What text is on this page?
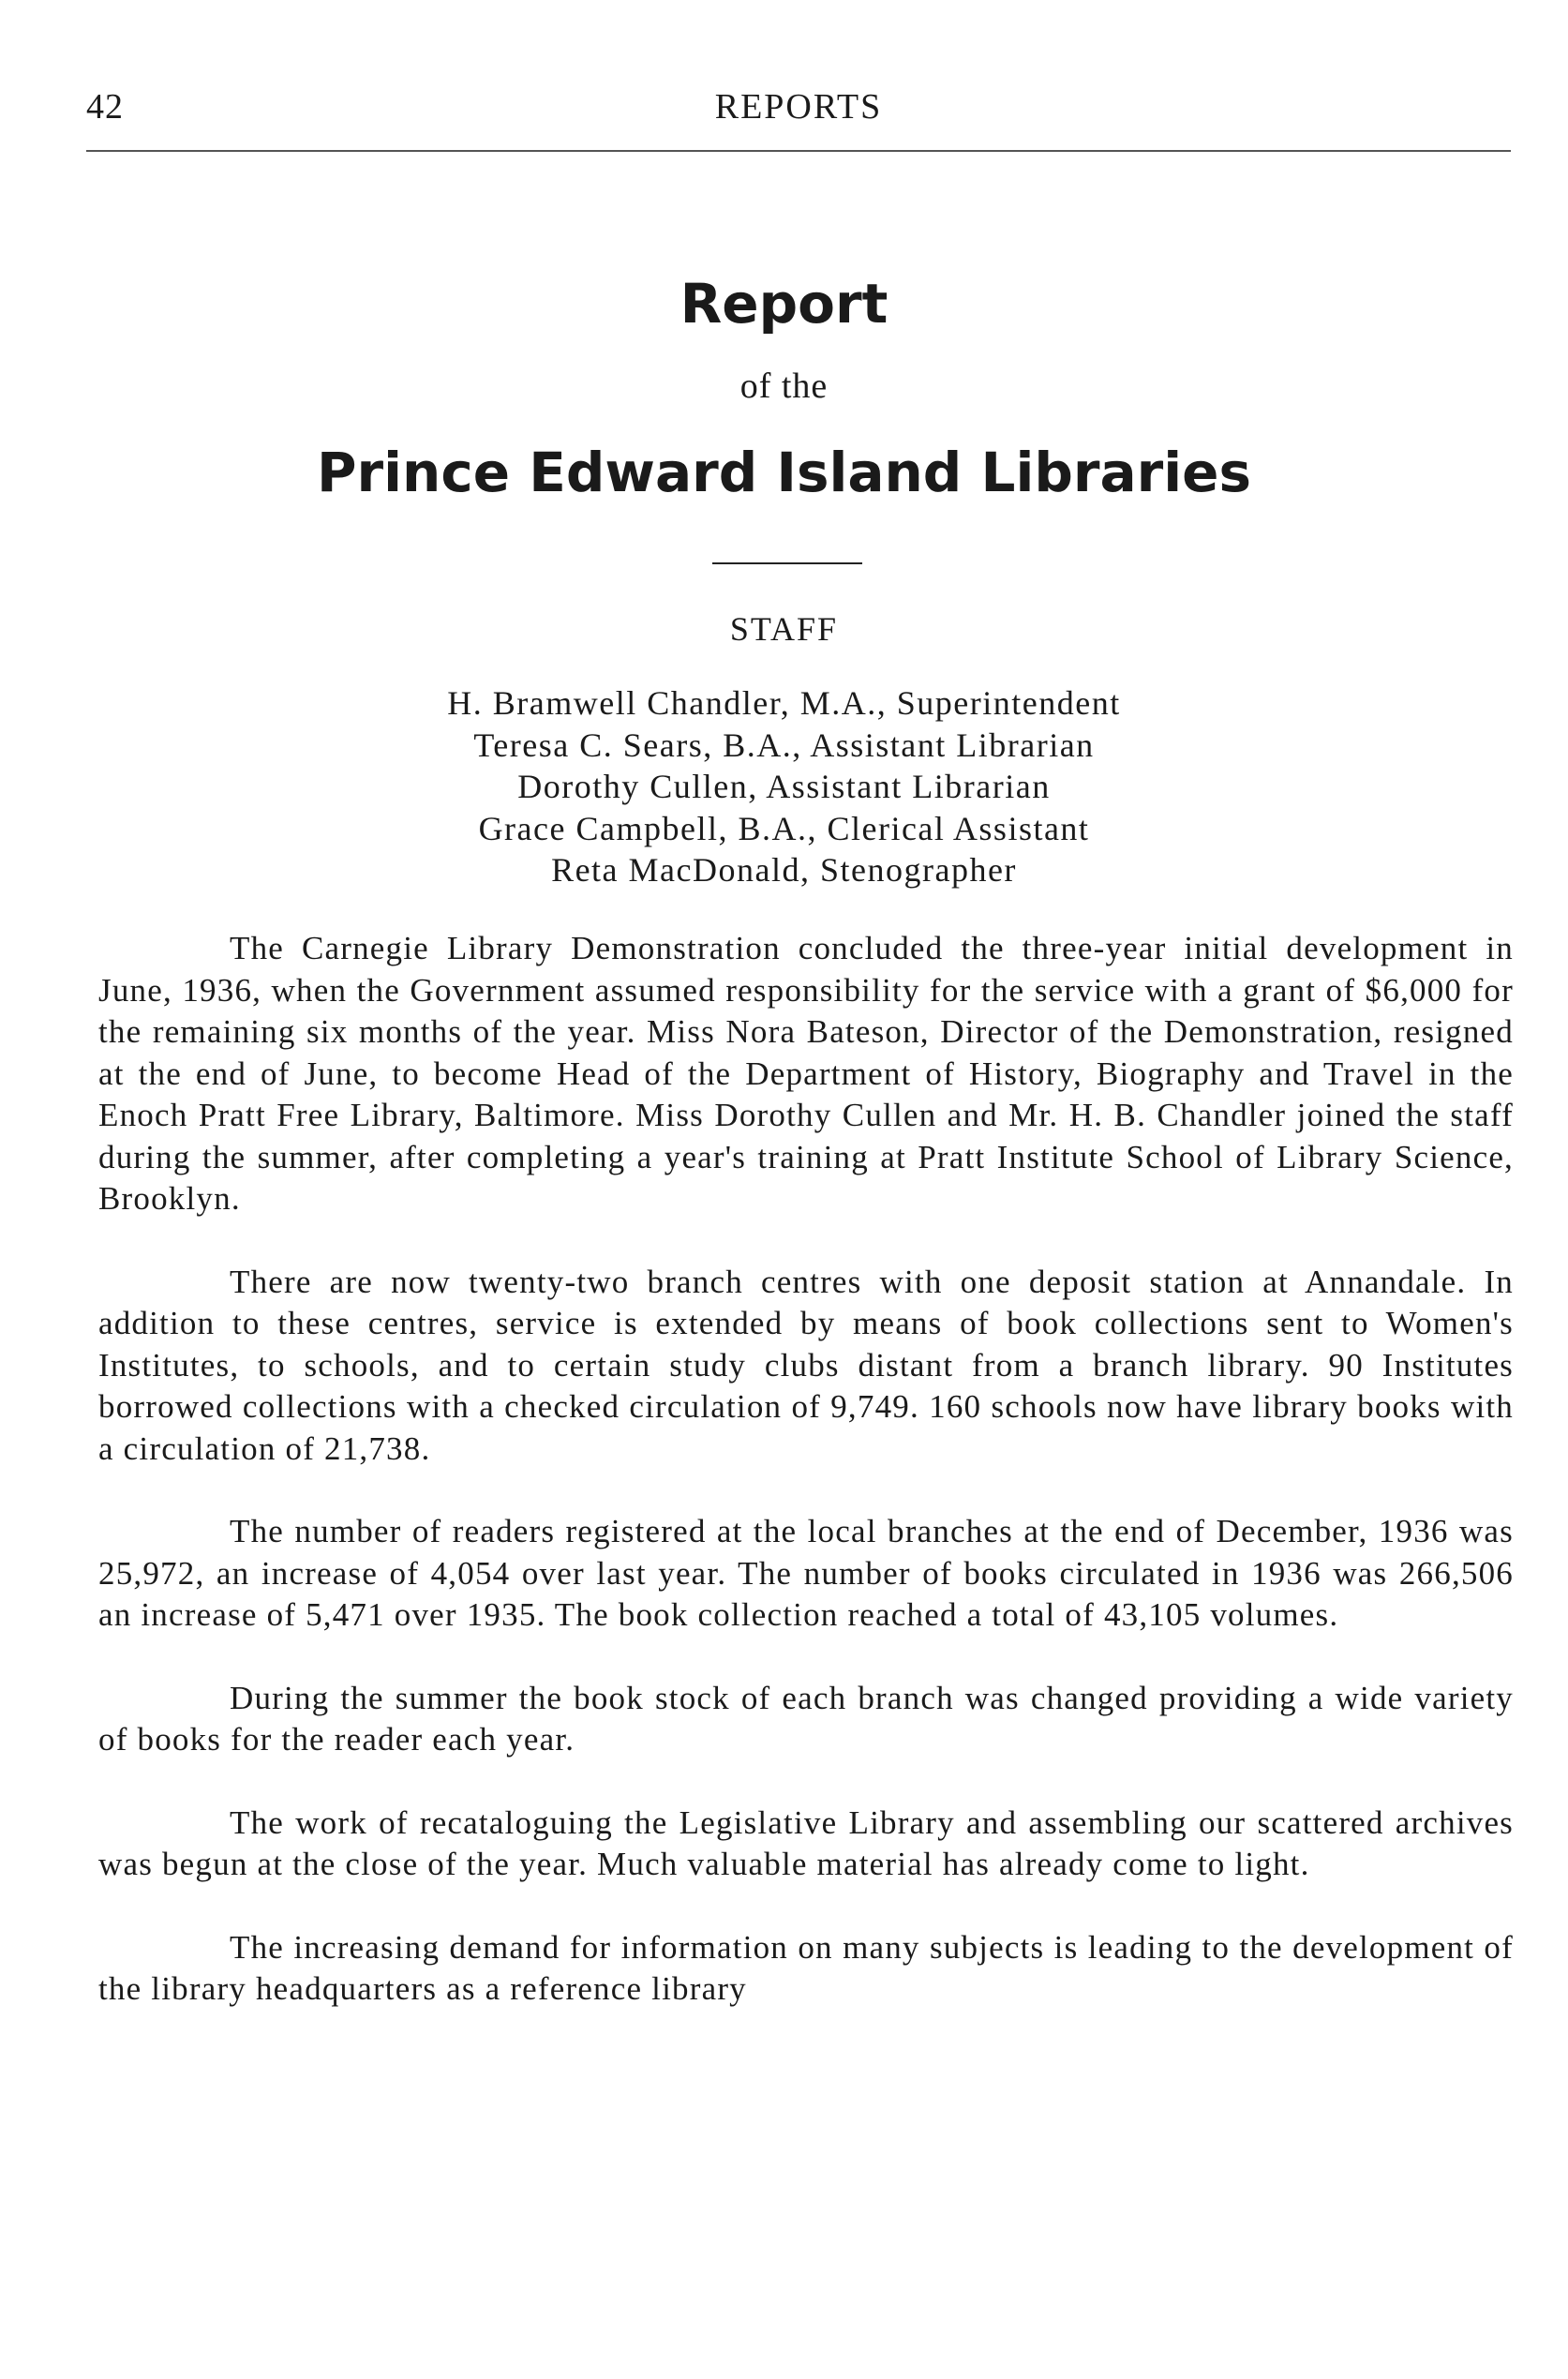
42	REPORTS
Report
of the
Prince Edward Island Libraries
STAFF
H. Bramwell Chandler, M.A., Superintendent
Teresa C. Sears, B.A., Assistant Librarian
Dorothy Cullen, Assistant Librarian
Grace Campbell, B.A., Clerical Assistant
Reta MacDonald, Stenographer

The Carnegie Library Demonstration concluded the three-year initial development in June, 1936, when the Government assumed responsibility for the service with a grant of $6,000 for the remaining six months of the year. Miss Nora Bateson, Director of the Demonstration, resigned at the end of June, to become Head of the Department of History, Biography and Travel in the Enoch Pratt Free Library, Baltimore. Miss Dorothy Cullen and Mr. H. B. Chandler joined the staff during the summer, after completing a year's training at Pratt Institute School of Library Science, Brooklyn.

There are now twenty-two branch centres with one deposit station at Annandale. In addition to these centres, service is extended by means of book collections sent to Women's Institutes, to schools, and to certain study clubs distant from a branch library. 90 Institutes borrowed collections with a checked circulation of 9,749. 160 schools now have library books with a circulation of 21,738.

The number of readers registered at the local branches at the end of December, 1936 was 25,972, an increase of 4,054 over last year. The number of books circulated in 1936 was 266,506 an increase of 5,471 over 1935. The book collection reached a total of 43,105 volumes.

During the summer the book stock of each branch was changed providing a wide variety of books for the reader each year.

The work of recataloguing the Legislative Library and assembling our scattered archives was begun at the close of the year. Much valuable material has already come to light.

The increasing demand for information on many subjects is leading to the development of the library headquarters as a reference library
